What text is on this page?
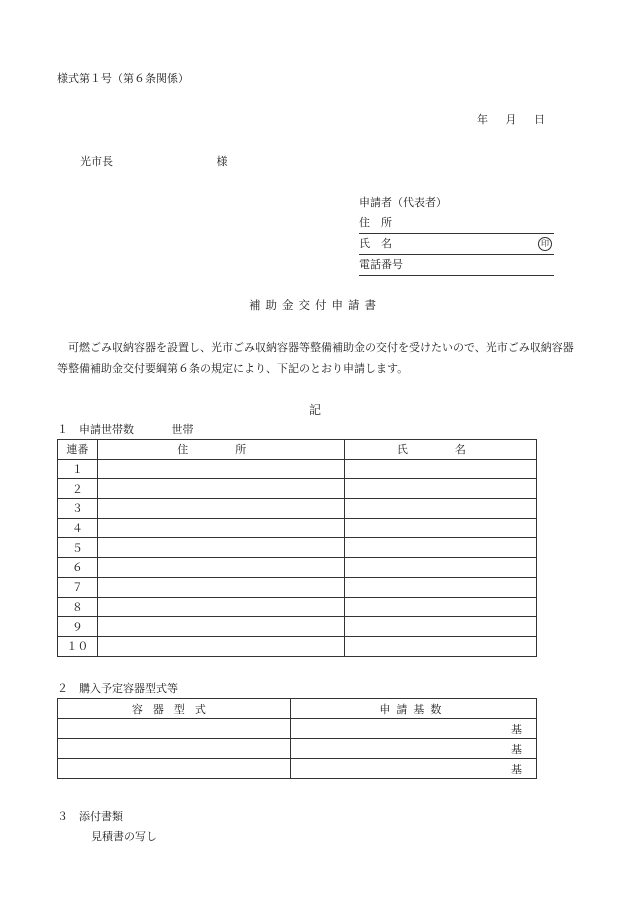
様式第１号（第６条関係）
年 月 日
光市長	様
申請者（代表者）
住　所
氏　名	印
電話番号
補助金交付申請書
可燃ごみ収納容器を設置し、光市ごみ収納容器等整備補助金の交付を受けたいので、光市ごみ収納容器等整備補助金交付要綱第６条の規定により、下記のとおり申請します。
記
１　申請世帯数	世帯
連番	住　所	氏　名
１		
２		
３		
４		
５		
６		
７		
８		
９		
１０		
２　購入予定容器型式等
容器型式	申請基数
	基
	基
	基
３　添付書類
見積書の写し
